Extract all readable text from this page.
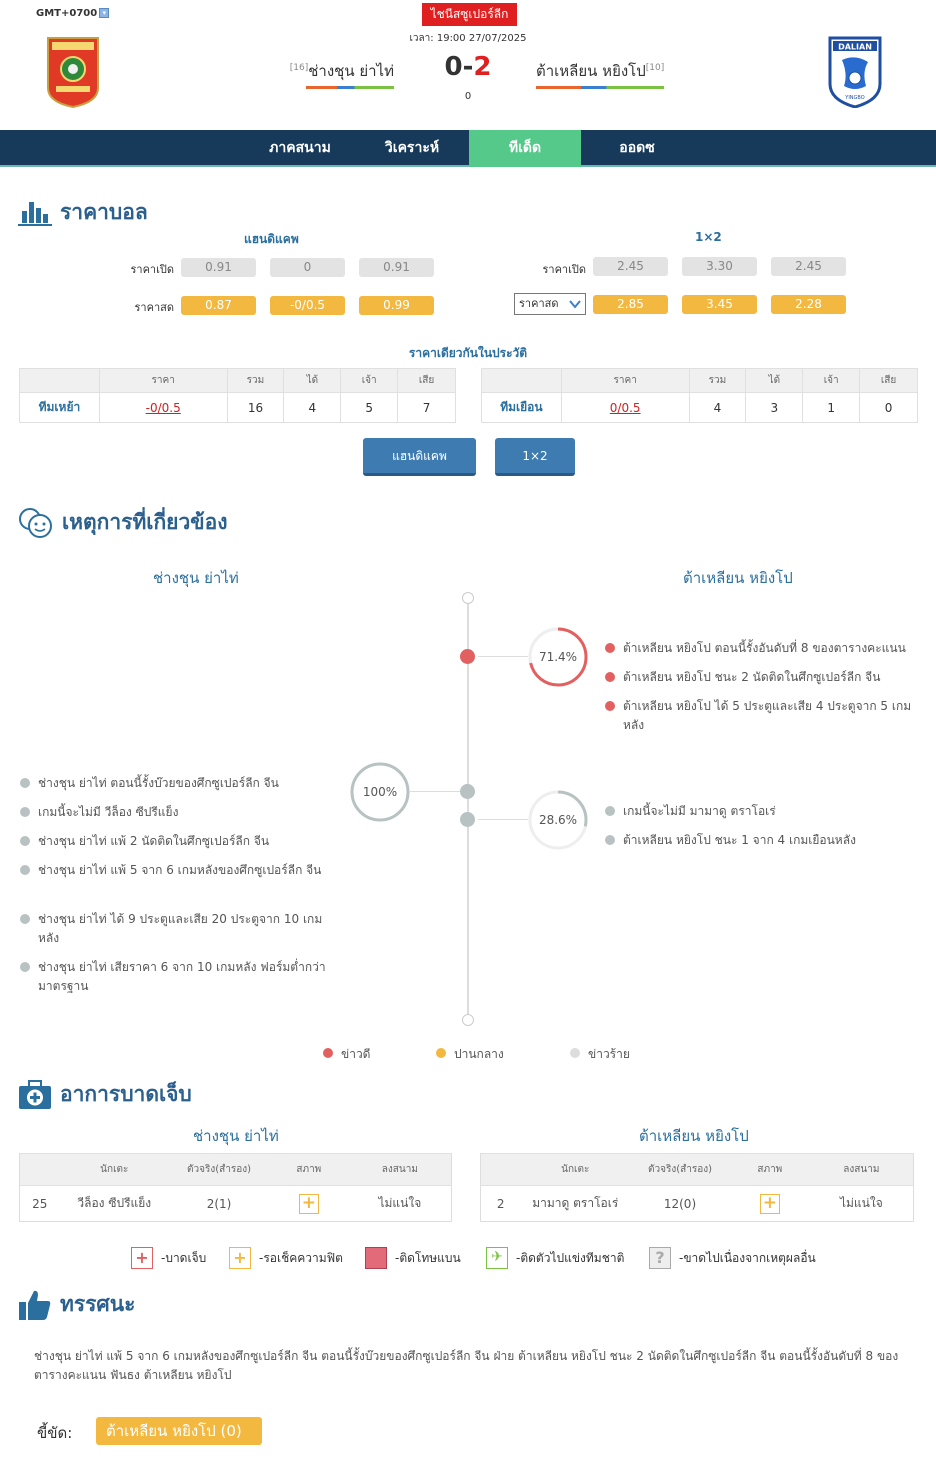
GMT+0700 ▾	ไชนีสซูเปอร์ลีก
เวลา: 19:00 27/07/2025
DALIAN
YINGBO
[16]ช่างชุน ย่าไท่ 0-2	ต้าเหลียน หยิงโป[10]
0
ภาคสนาม	วิเคราะห์	ทีเด็ด	ออดซ
ราคาบอล
แฮนดิแคพ	1×2
ราคาเปิด	0.91	0	0.91
ราคาสด	0.87	-0/0.5	0.99
ราคาเปิด	2.45	3.30	2.45
ราคาสด	2.85	3.45	2.28
ราคาเดียวกันในประวัติ
	ราคา	รวม	ได้	เจ้า	เสีย
ทีมเหย้า	-0/0.5	16	4	5	7
	ราคา	รวม	ได้	เจ้า	เสีย
ทีมเยือน	0/0.5	4	3	1	0
แฮนดิแคพ	1×2
เหตุการที่เกี่ยวข้อง
ช่างชุน ย่าไท่	ต้าเหลียน หยิงโป
71.4%
100%
28.6%
ต้าเหลียน หยิงโป ตอนนี้รั้งอันดับที่ 8 ของตารางคะแนน
ต้าเหลียน หยิงโป ชนะ 2 นัดติดในศึกซูเปอร์ลีก จีน
ต้าเหลียน หยิงโป ได้ 5 ประตูและเสีย 4 ประตูจาก 5 เกมหลัง
ช่างชุน ย่าไท่ ตอนนี้รั้งบ๊วยของศึกซูเปอร์ลีก จีน
เกมนี้จะไม่มี วีล็อง ซีปรีแย็ง
ช่างชุน ย่าไท่ แพ้ 2 นัดติดในศึกซูเปอร์ลีก จีน
ช่างชุน ย่าไท่ แพ้ 5 จาก 6 เกมหลังของศึกซูเปอร์ลีก จีน
ช่างชุน ย่าไท่ ได้ 9 ประตูและเสีย 20 ประตูจาก 10 เกมหลัง
ช่างชุน ย่าไท่ เสียราคา 6 จาก 10 เกมหลัง ฟอร์มต่ำกว่ามาตรฐาน
เกมนี้จะไม่มี มามาดู ตราโอเร่
ต้าเหลียน หยิงโป ชนะ 1 จาก 4 เกมเยือนหลัง
ข่าวดี	ปานกลาง	ข่าวร้าย
อาการบาดเจ็บ
ช่างชุน ย่าไท่	ต้าเหลียน หยิงโป
	นักเตะ	ตัวจริง(สำรอง)	สภาพ	ลงสนาม
25	วีล็อง ซีปรีแย็ง	2(1)	+	ไม่แน่ใจ
	นักเตะ	ตัวจริง(สำรอง)	สภาพ	ลงสนาม
2	มามาดู ตราโอเร่	12(0)	+	ไม่แน่ใจ
+	-บาดเจ็บ +	-รอเช็คความฟิต	-ติดโทษแบน	✈	-ติดตัวไปแข่งทีมชาติ	?	-ขาดไปเนื่องจากเหตุผลอื่น
ทรรศนะ
ช่างชุน ย่าไท่ แพ้ 5 จาก 6 เกมหลังของศึกซูเปอร์ลีก จีน ตอนนี้รั้งบ๊วยของศึกซูเปอร์ลีก จีน ฝ่าย ต้าเหลียน หยิงโป ชนะ 2 นัดติดในศึกซูเปอร์ลีก จีน ตอนนี้รั้งอันดับที่ 8 ของตารางคะแนน ฟันธง ต้าเหลียน หยิงโป
ขี้ขัด:	ต้าเหลียน หยิงโป (0)
